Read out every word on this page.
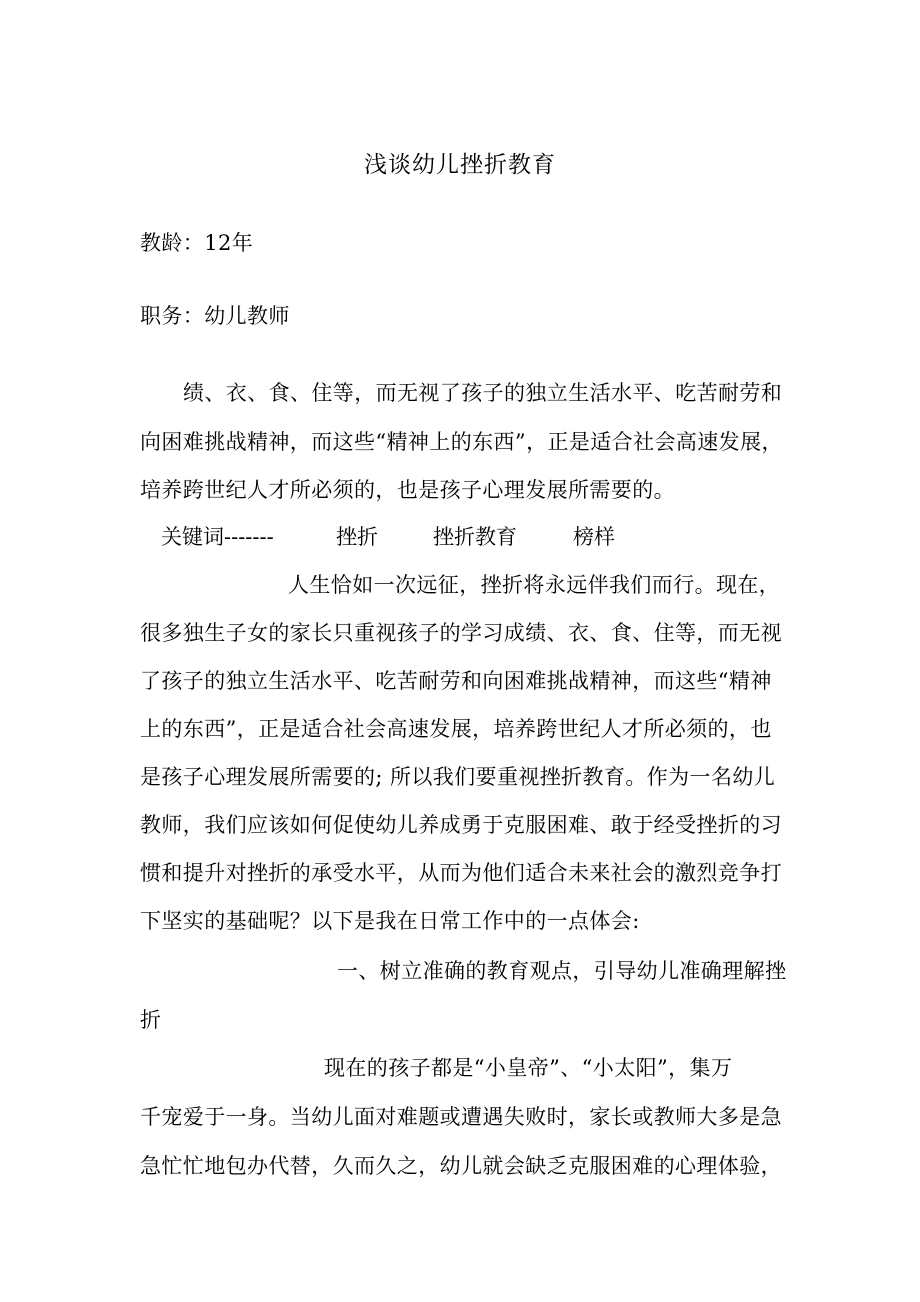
浅谈幼儿挫折教育
教龄：12年
职务：幼儿教师
绩、衣、食、住等，而无视了孩子的独立生活水平、吃苦耐劳和
向困难挑战精神，而这些“精神上的东西”，正是适合社会高速发展，
培养跨世纪人才所必须的，也是孩子心理发展所需要的。
关键词-------	挫折	挫折教育	榜样
人生恰如一次远征，挫折将永远伴我们而行。现在，
很多独生子女的家长只重视孩子的学习成绩、衣、食、住等，而无视
了孩子的独立生活水平、吃苦耐劳和向困难挑战精神，而这些“精神
上的东西”，正是适合社会高速发展，培养跨世纪人才所必须的，也
是孩子心理发展所需要的; 所以我们要重视挫折教育。作为一名幼儿
教师，我们应该如何促使幼儿养成勇于克服困难、敢于经受挫折的习
惯和提升对挫折的承受水平，从而为他们适合未来社会的激烈竞争打
下坚实的基础呢？以下是我在日常工作中的一点体会:
一、树立准确的教育观点，引导幼儿准确理解挫
折
现在的孩子都是“小皇帝”、“小太阳”，集万
千宠爱于一身。当幼儿面对难题或遭遇失败时，家长或教师大多是急
急忙忙地包办代替，久而久之，幼儿就会缺乏克服困难的心理体验，
